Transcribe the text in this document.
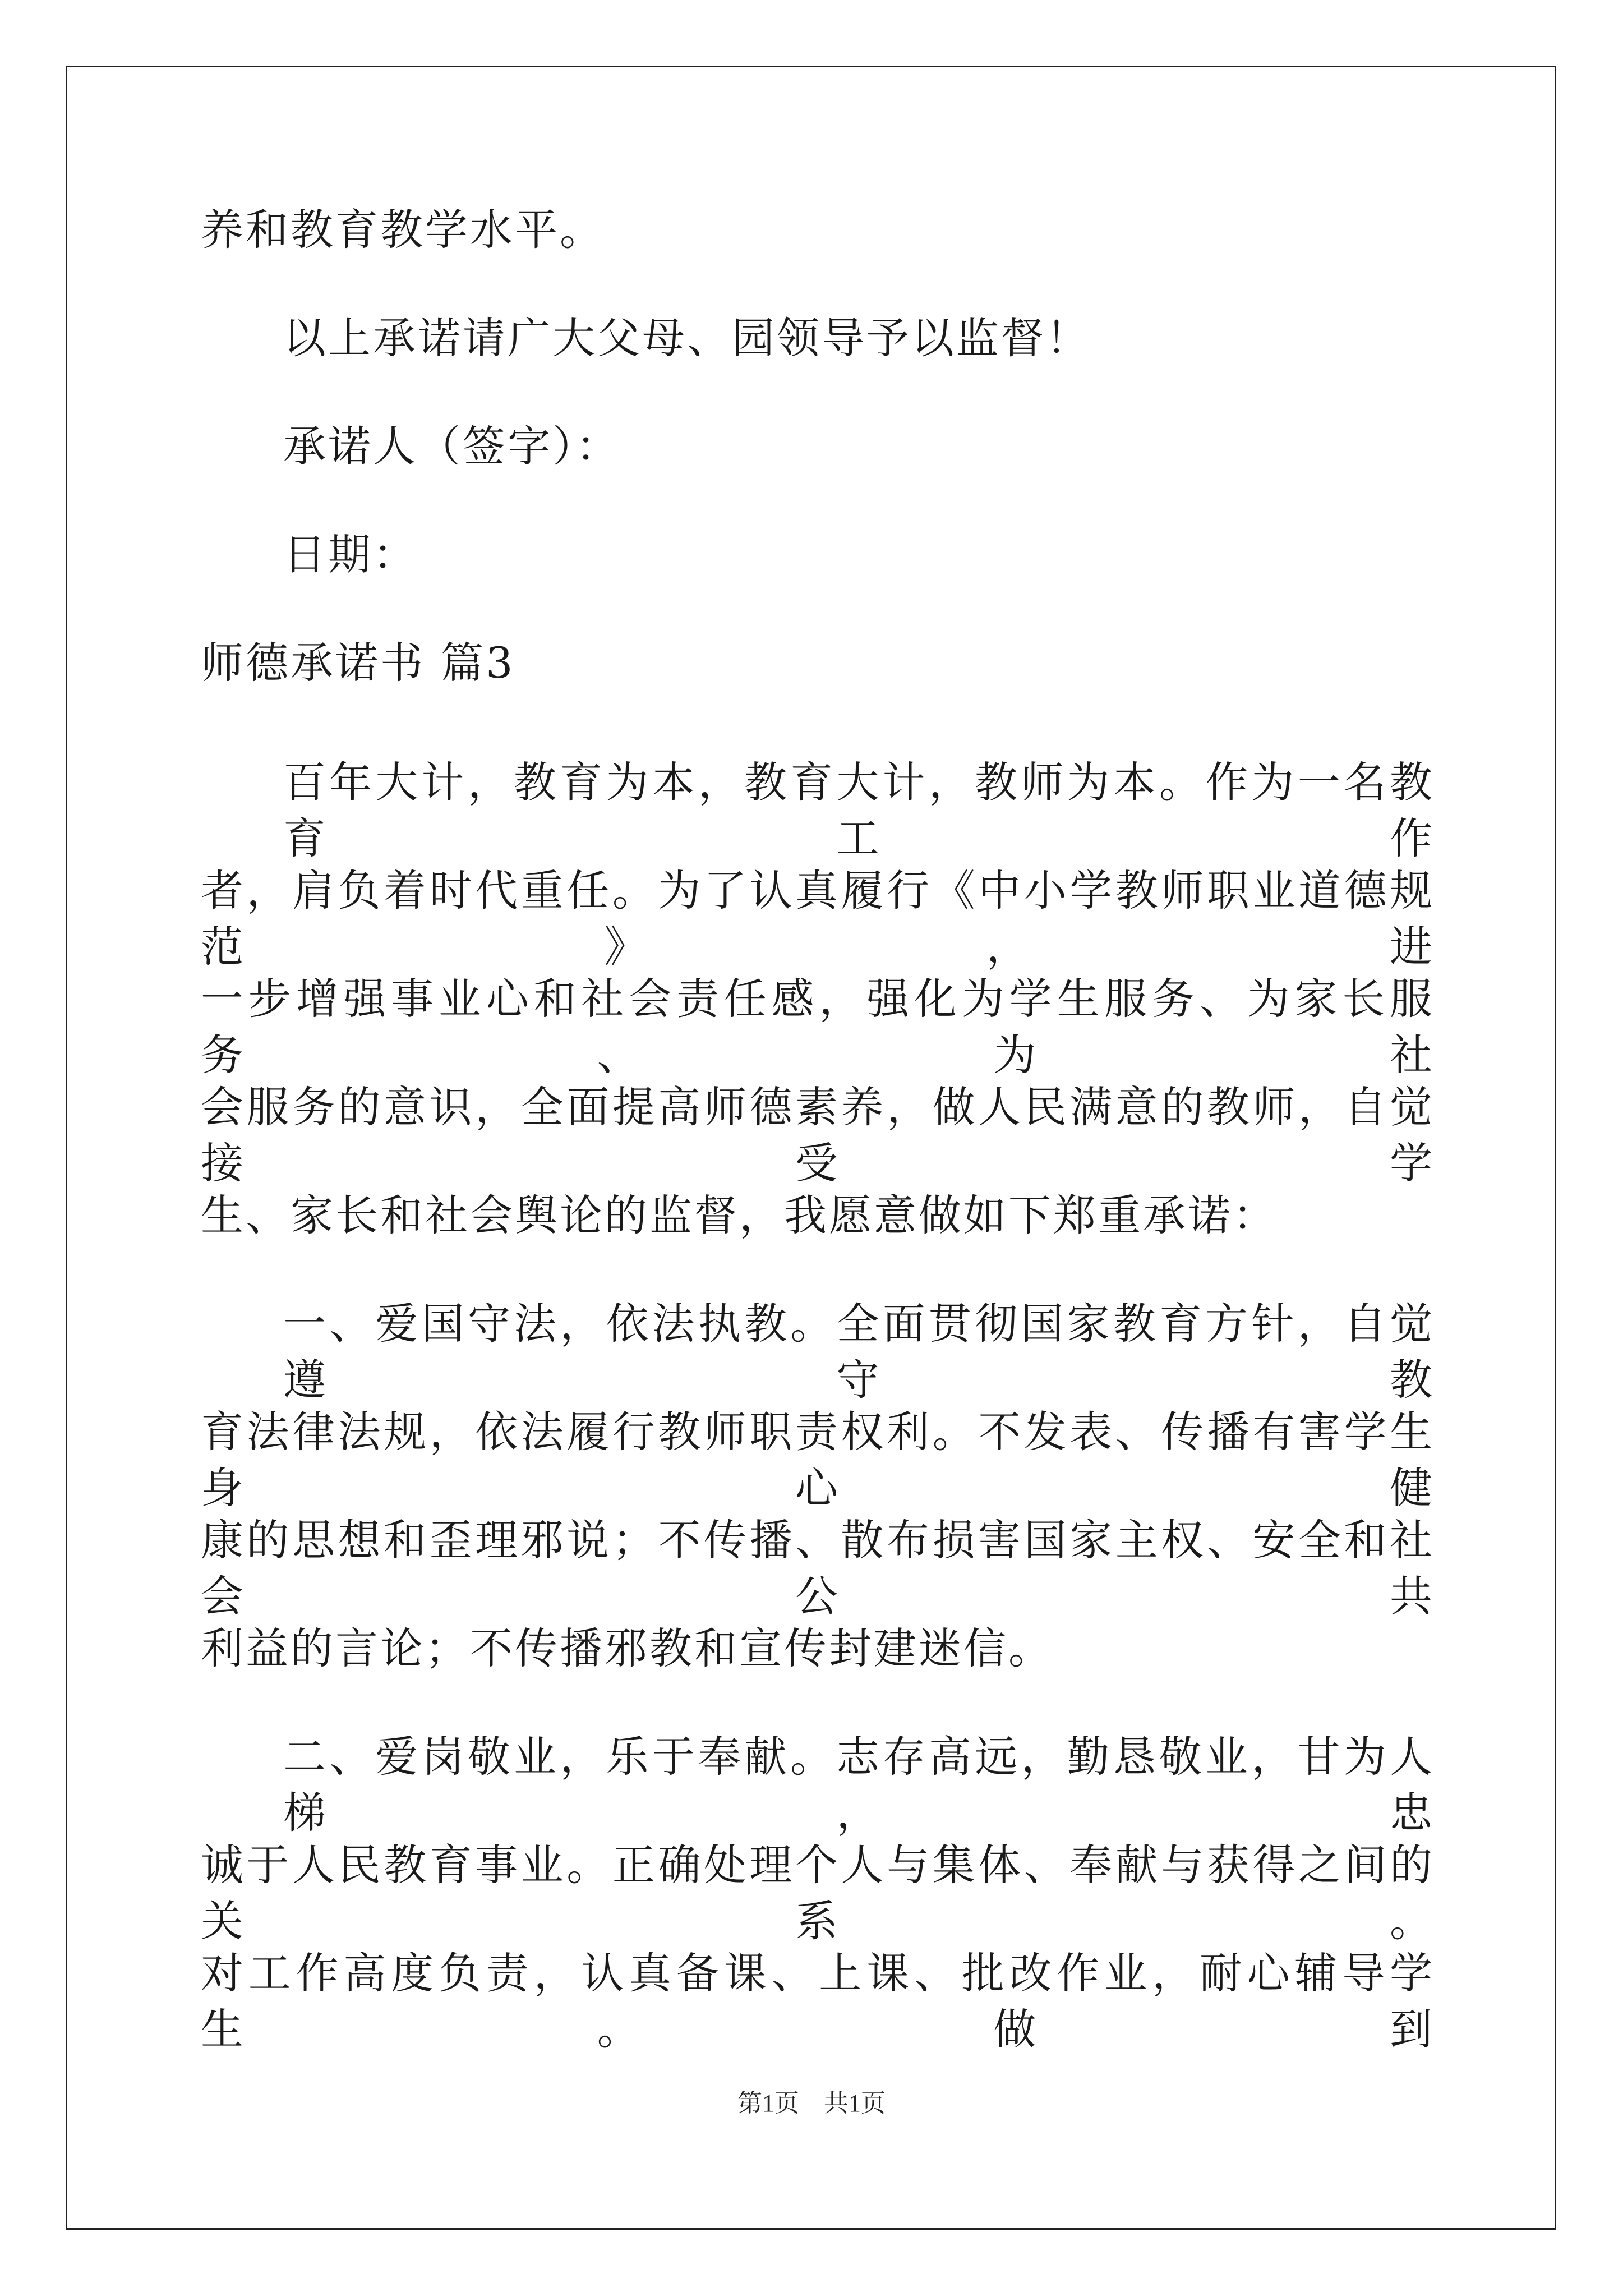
养和教育教学水平。
以上承诺请广大父母、园领导予以监督！
承诺人（签字）：
日期：
师德承诺书 篇3
百年大计，教育为本，教育大计，教师为本。作为一名教育工作
者，肩负着时代重任。为了认真履行《中小学教师职业道德规范》，进
一步增强事业心和社会责任感，强化为学生服务、为家长服务、为社
会服务的意识，全面提高师德素养，做人民满意的教师，自觉接受学
生、家长和社会舆论的监督，我愿意做如下郑重承诺：
一、爱国守法，依法执教。全面贯彻国家教育方针，自觉遵守教
育法律法规，依法履行教师职责权利。不发表、传播有害学生身心健
康的思想和歪理邪说；不传播、散布损害国家主权、安全和社会公共
利益的言论；不传播邪教和宣传封建迷信。
二、爱岗敬业，乐于奉献。志存高远，勤恳敬业，甘为人梯，忠
诚于人民教育事业。正确处理个人与集体、奉献与获得之间的关系。
对工作高度负责，认真备课、上课、批改作业，耐心辅导学生。做到
第1页　共1页
